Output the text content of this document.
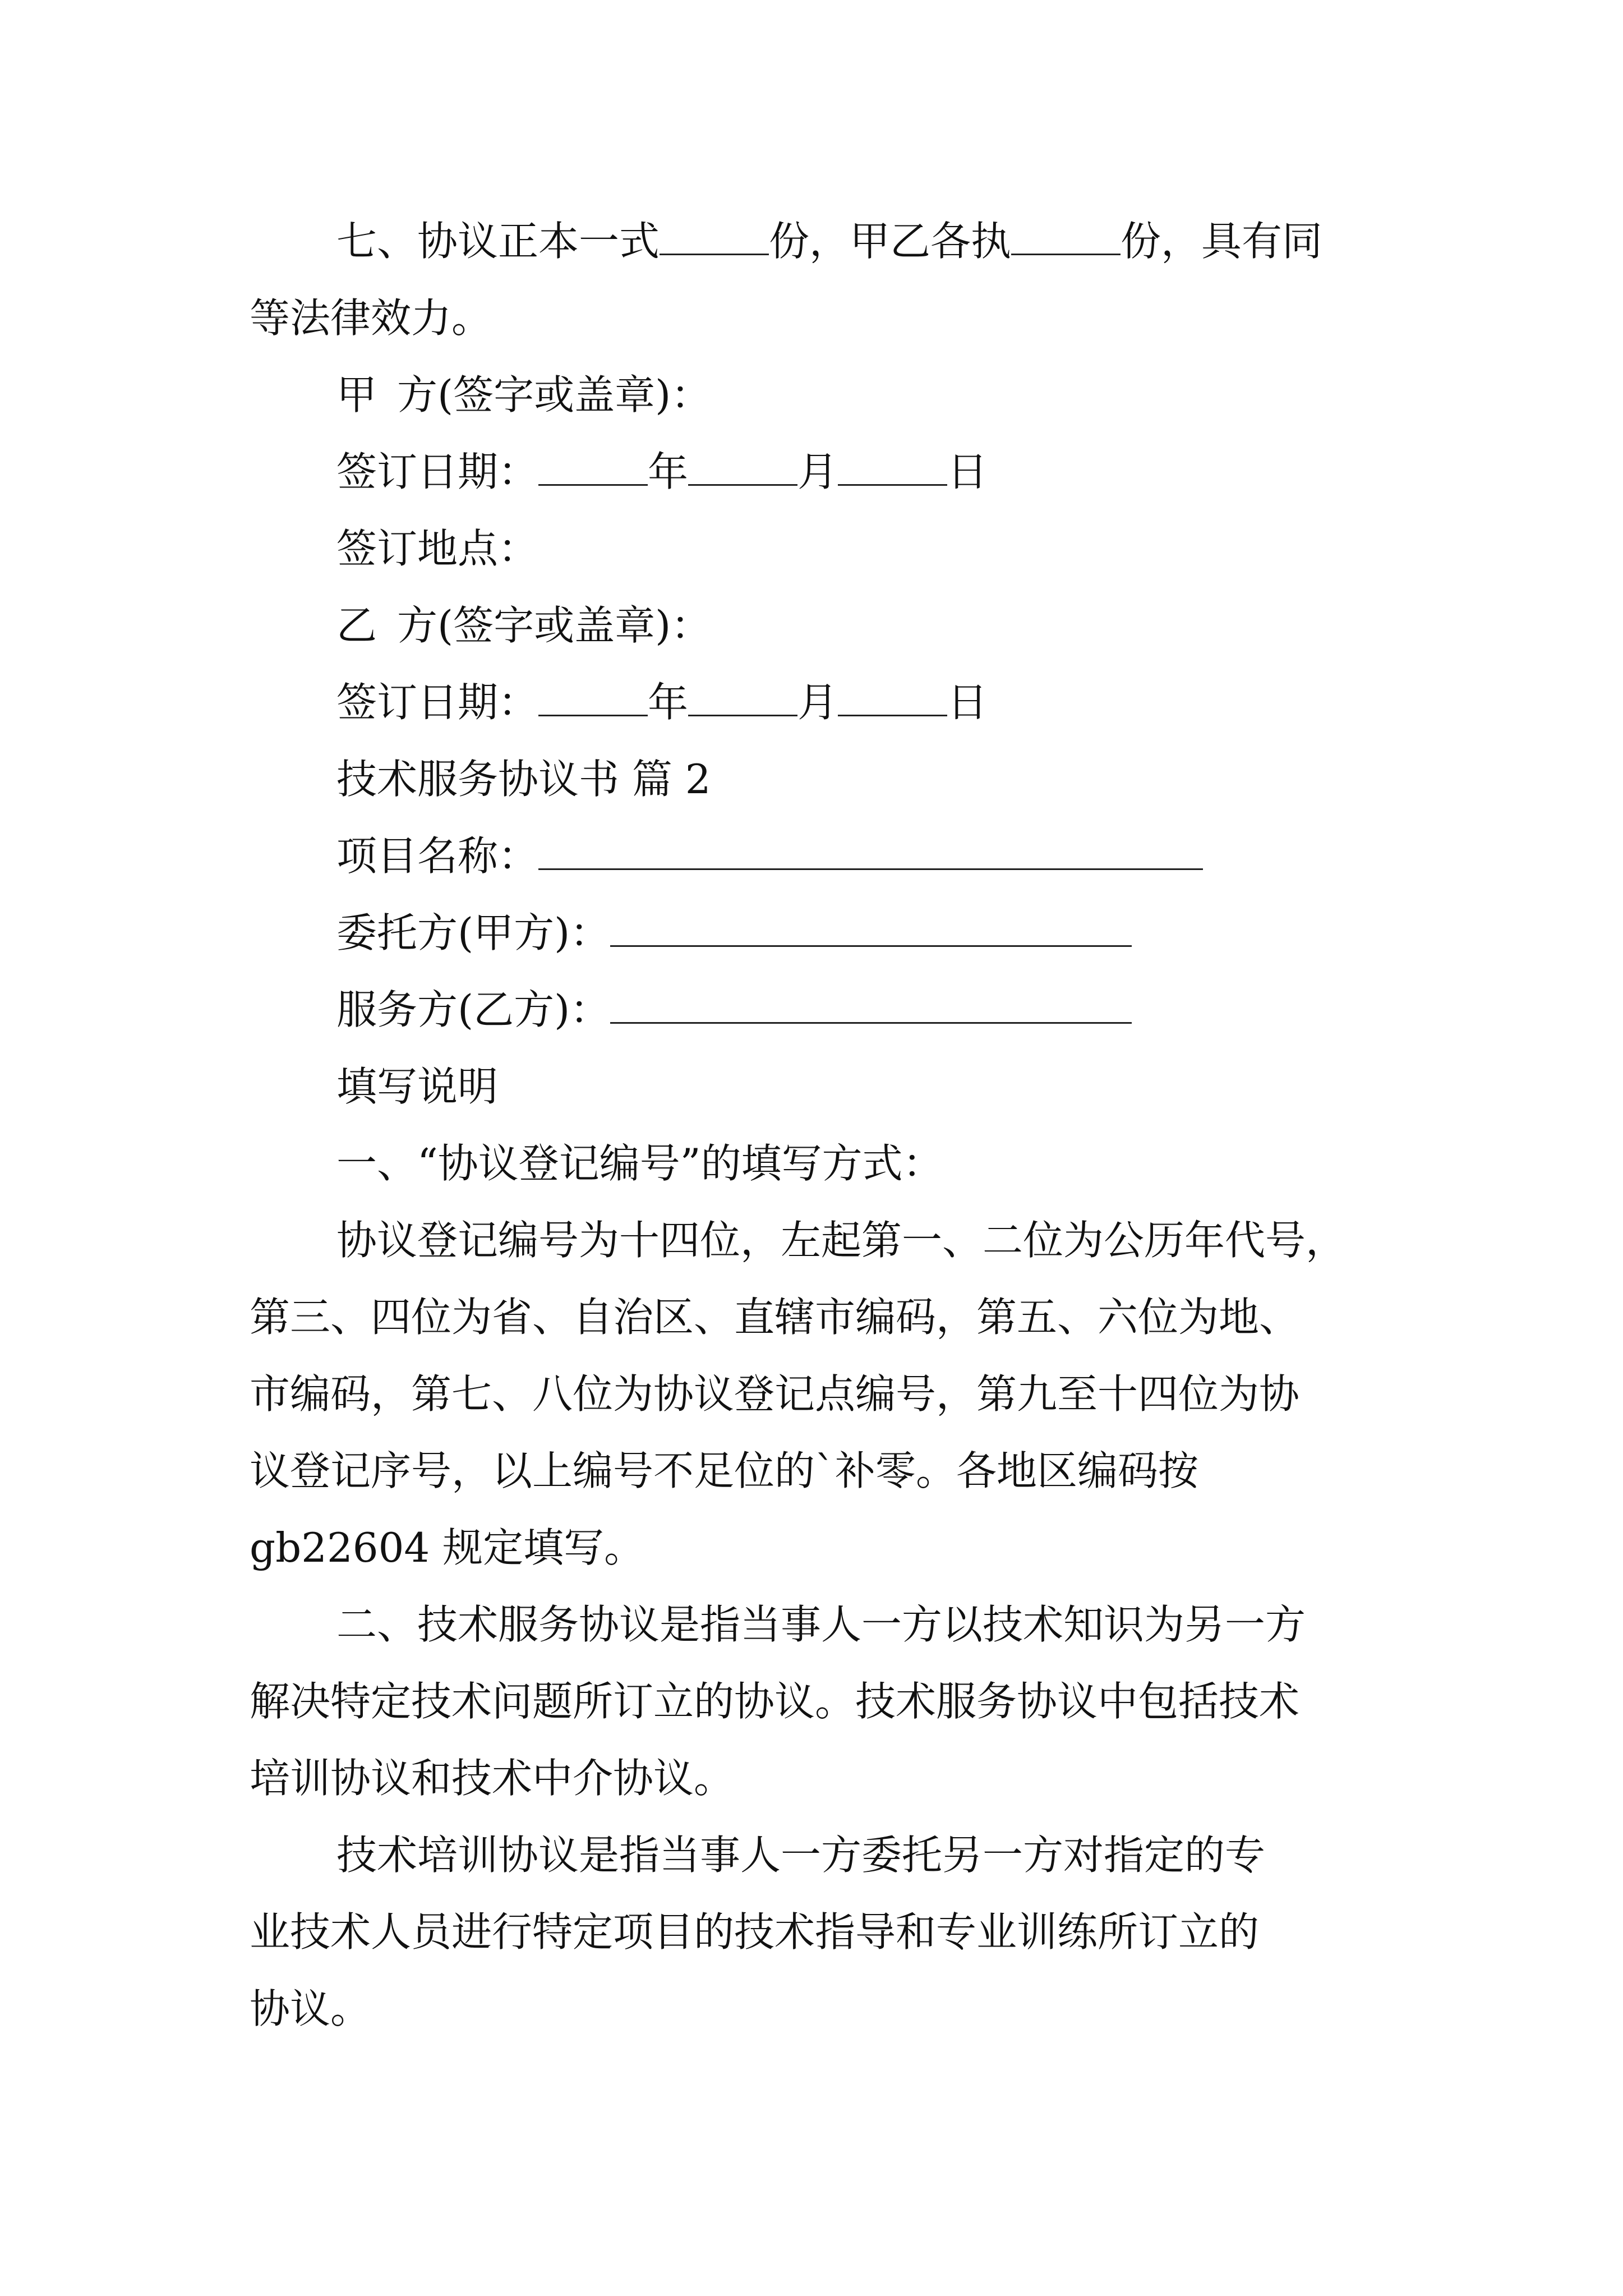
七、协议正本一式	份，甲乙各执	份，具有同
等法律效力。
甲 方(签字或盖章)：
签订日期：	年	月	日
签订地点：
乙 方(签字或盖章)：
签订日期：	年	月	日
技术服务协议书 篇 2
项目名称：
委托方(甲方)：
服务方(乙方)：
填写说明
一、“协议登记编号”的填写方式：
协议登记编号为十四位，左起第一、二位为公历年代号，
第三、四位为省、自治区、直辖市编码，第五、六位为地、
市编码，第七、八位为协议登记点编号，第九至十四位为协
议登记序号，以上编号不足位的`补零。各地区编码按
gb22604 规定填写。
二、技术服务协议是指当事人一方以技术知识为另一方
解决特定技术问题所订立的协议。技术服务协议中包括技术
培训协议和技术中介协议。
技术培训协议是指当事人一方委托另一方对指定的专
业技术人员进行特定项目的技术指导和专业训练所订立的
协议。
